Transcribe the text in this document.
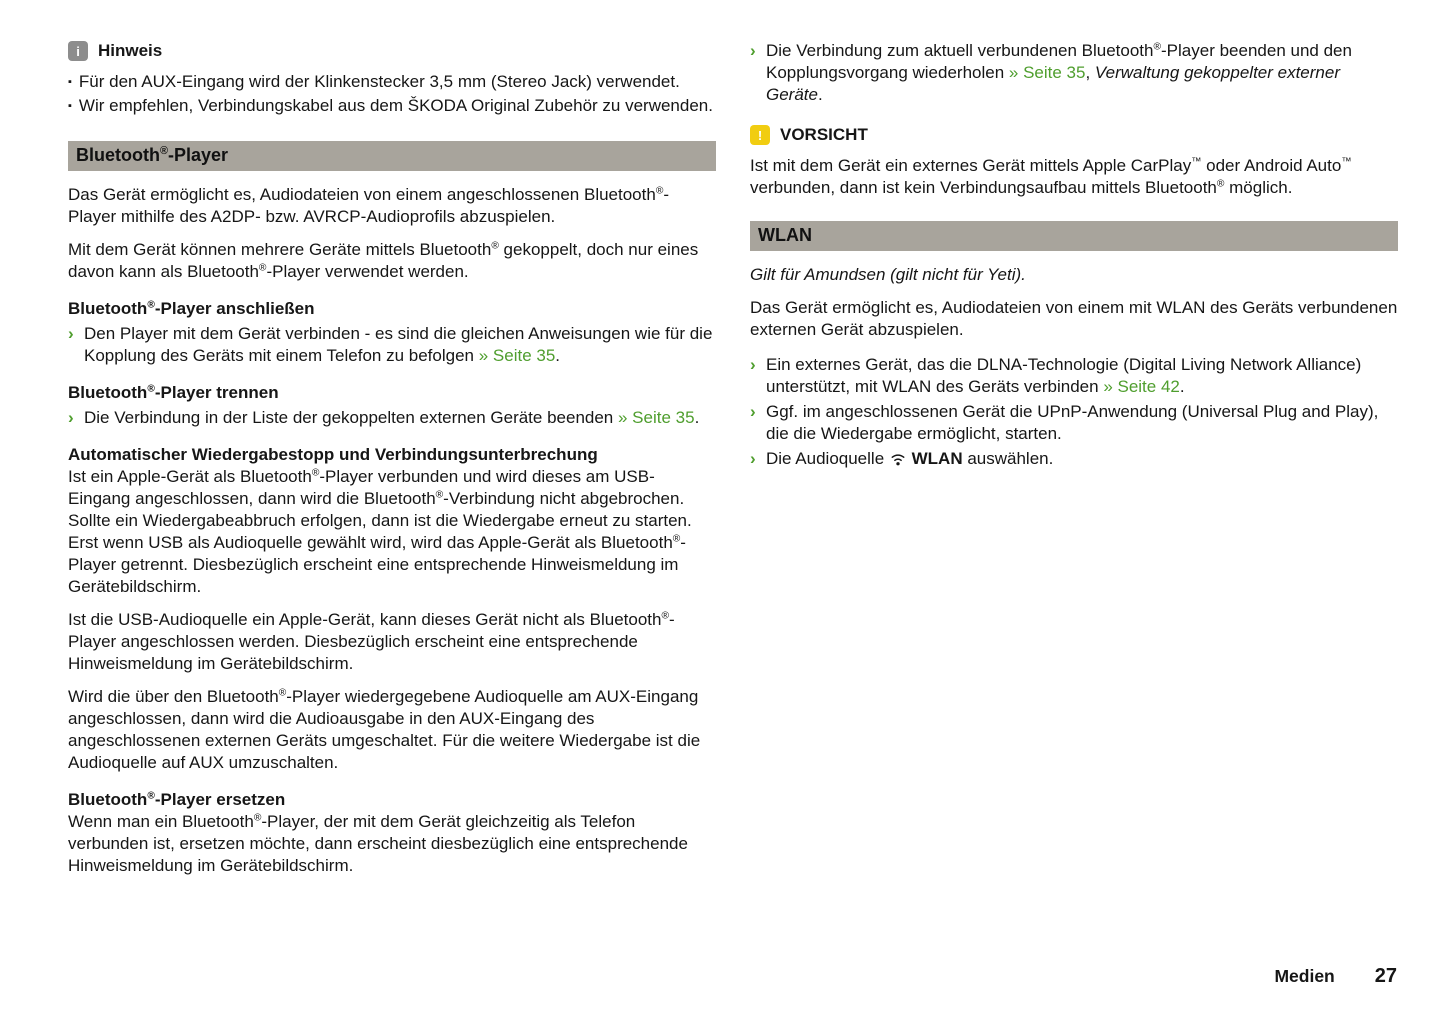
i	Hinweis

▪ Für den AUX-Eingang wird der Klinkenstecker 3,5 mm (Stereo Jack) verwendet.

▪ Wir empfehlen, Verbindungskabel aus dem ŠKODA Original Zubehör zu verwenden.

Bluetooth®-Player

Das Gerät ermöglicht es, Audiodateien von einem angeschlossenen Bluetooth®-Player mithilfe des A2DP- bzw. AVRCP-Audioprofils abzuspielen.

Mit dem Gerät können mehrere Geräte mittels Bluetooth® gekoppelt, doch nur eines davon kann als Bluetooth®-Player verwendet werden.

Bluetooth®-Player anschließen
› Den Player mit dem Gerät verbinden - es sind die gleichen Anweisungen wie für die Kopplung des Geräts mit einem Telefon zu befolgen » Seite 35.
Bluetooth®-Player trennen
› Die Verbindung in der Liste der gekoppelten externen Geräte beenden » Seite 35.
Automatischer Wiedergabestopp und Verbindungsunterbrechung

Ist ein Apple-Gerät als Bluetooth®-Player verbunden und wird dieses am USB-Eingang angeschlossen, dann wird die Bluetooth®-Verbindung nicht abgebrochen. Sollte ein Wiedergabeabbruch erfolgen, dann ist die Wiedergabe erneut zu starten. Erst wenn USB als Audioquelle gewählt wird, wird das Apple-Gerät als Bluetooth®-Player getrennt. Diesbezüglich erscheint eine entsprechende Hinweismeldung im Gerätebildschirm.

Ist die USB-Audioquelle ein Apple-Gerät, kann dieses Gerät nicht als Bluetooth®-Player angeschlossen werden. Diesbezüglich erscheint eine entsprechende Hinweismeldung im Gerätebildschirm.

Wird die über den Bluetooth®-Player wiedergegebene Audioquelle am AUX-Eingang angeschlossen, dann wird die Audioausgabe in den AUX-Eingang des angeschlossenen externen Geräts umgeschaltet. Für die weitere Wiedergabe ist die Audioquelle auf AUX umzuschalten.

Bluetooth®-Player ersetzen

Wenn man ein Bluetooth®-Player, der mit dem Gerät gleichzeitig als Telefon verbunden ist, ersetzen möchte, dann erscheint diesbezüglich eine entsprechende Hinweismeldung im Gerätebildschirm.

› Die Verbindung zum aktuell verbundenen Bluetooth®-Player beenden und den Kopplungsvorgang wiederholen » Seite 35, Verwaltung gekoppelter externer Geräte.
!	VORSICHT

Ist mit dem Gerät ein externes Gerät mittels Apple CarPlay™ oder Android Auto™ verbunden, dann ist kein Verbindungsaufbau mittels Bluetooth® möglich.

WLAN

Gilt für Amundsen (gilt nicht für Yeti).

Das Gerät ermöglicht es, Audiodateien von einem mit WLAN des Geräts verbundenen externen Gerät abzuspielen.

› Ein externes Gerät, das die DLNA-Technologie (Digital Living Network Alliance) unterstützt, mit WLAN des Geräts verbinden » Seite 42.
› Ggf. im angeschlossenen Gerät die UPnP-Anwendung (Universal Plug and Play), die die Wiedergabe ermöglicht, starten.
› Die Audioquelle  WLAN auswählen.
Medien 27
